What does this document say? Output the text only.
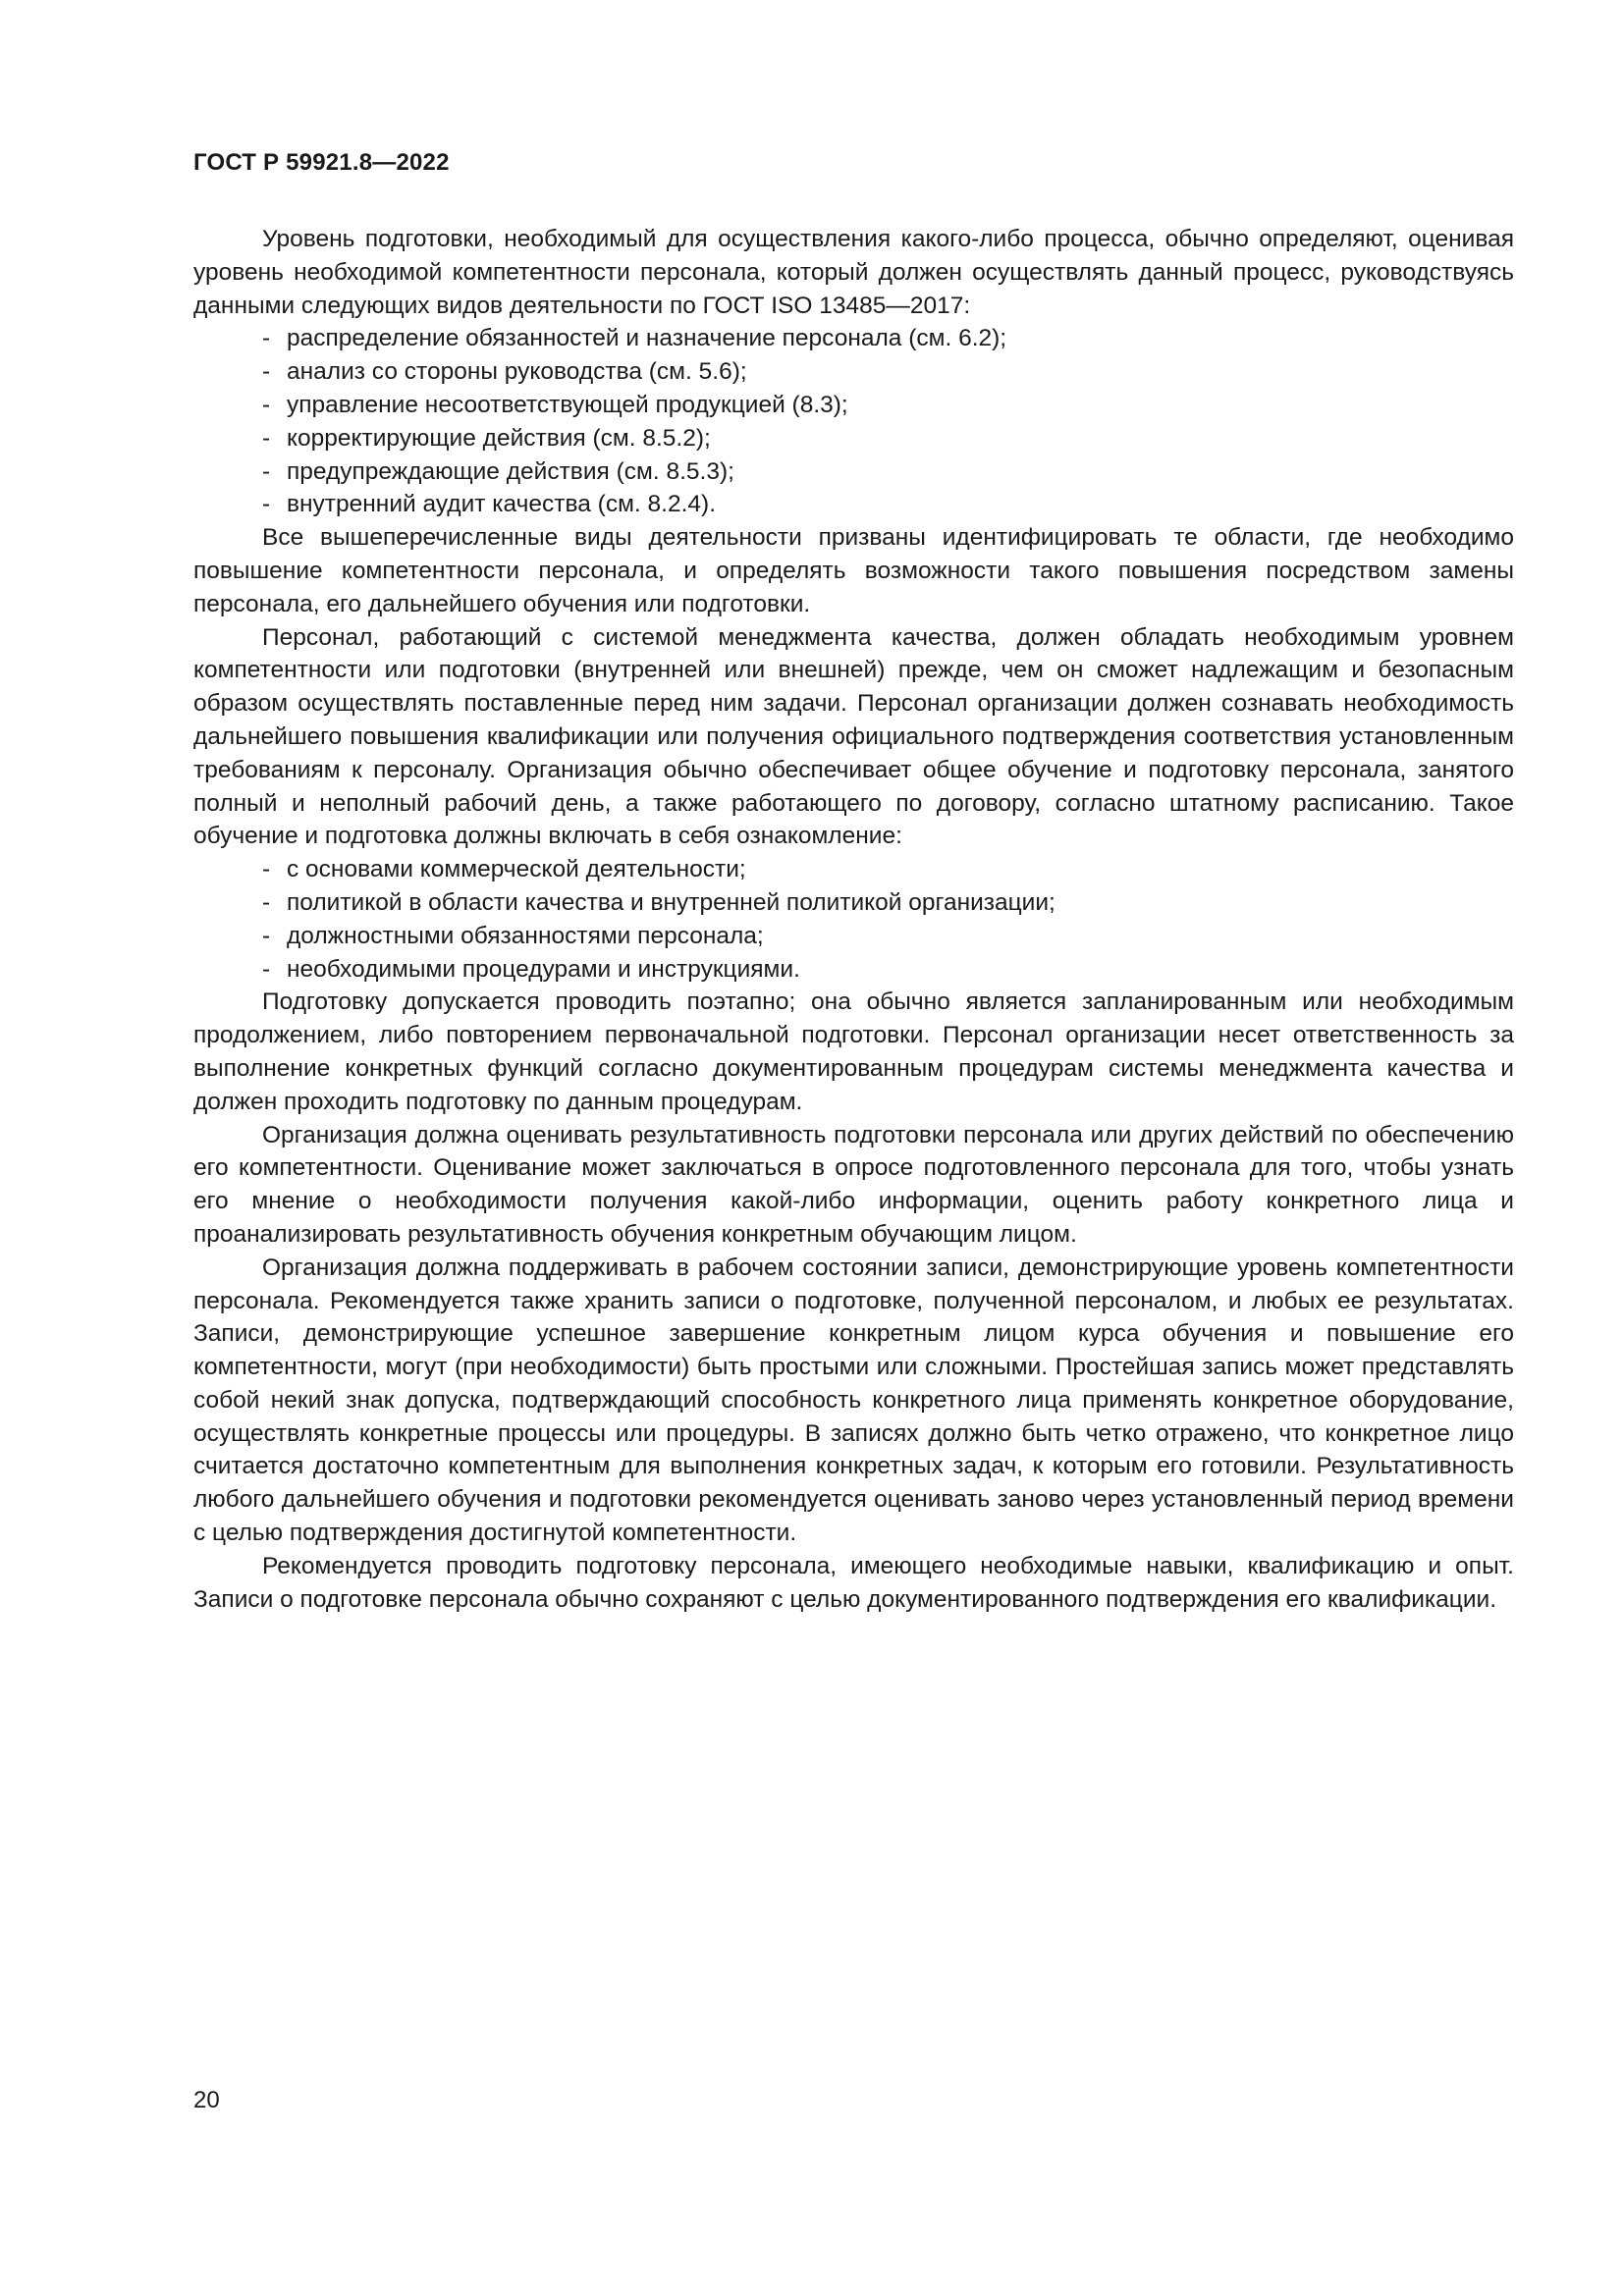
ГОСТ Р 59921.8—2022

Уровень подготовки, необходимый для осуществления какого-либо процесса, обычно определяют, оценивая уровень необходимой компетентности персонала, который должен осуществлять данный процесс, руководствуясь данными следующих видов деятельности по ГОСТ ISO 13485—2017:

- распределение обязанностей и назначение персонала (см. 6.2);
- анализ со стороны руководства (см. 5.6);
- управление несоответствующей продукцией (8.3);
- корректирующие действия (см. 8.5.2);
- предупреждающие действия (см. 8.5.3);
- внутренний аудит качества (см. 8.2.4).

Все вышеперечисленные виды деятельности призваны идентифицировать те области, где необходимо повышение компетентности персонала, и определять возможности такого повышения посредством замены персонала, его дальнейшего обучения или подготовки.

Персонал, работающий с системой менеджмента качества, должен обладать необходимым уровнем компетентности или подготовки (внутренней или внешней) прежде, чем он сможет надлежащим и безопасным образом осуществлять поставленные перед ним задачи. Персонал организации должен сознавать необходимость дальнейшего повышения квалификации или получения официального подтверждения соответствия установленным требованиям к персоналу. Организация обычно обеспечивает общее обучение и подготовку персонала, занятого полный и неполный рабочий день, а также работающего по договору, согласно штатному расписанию. Такое обучение и подготовка должны включать в себя ознакомление:

- с основами коммерческой деятельности;
- политикой в области качества и внутренней политикой организации;
- должностными обязанностями персонала;
- необходимыми процедурами и инструкциями.

Подготовку допускается проводить поэтапно; она обычно является запланированным или необходимым продолжением, либо повторением первоначальной подготовки. Персонал организации несет ответственность за выполнение конкретных функций согласно документированным процедурам системы менеджмента качества и должен проходить подготовку по данным процедурам.

Организация должна оценивать результативность подготовки персонала или других действий по обеспечению его компетентности. Оценивание может заключаться в опросе подготовленного персонала для того, чтобы узнать его мнение о необходимости получения какой-либо информации, оценить работу конкретного лица и проанализировать результативность обучения конкретным обучающим лицом.

Организация должна поддерживать в рабочем состоянии записи, демонстрирующие уровень компетентности персонала. Рекомендуется также хранить записи о подготовке, полученной персоналом, и любых ее результатах. Записи, демонстрирующие успешное завершение конкретным лицом курса обучения и повышение его компетентности, могут (при необходимости) быть простыми или сложными. Простейшая запись может представлять собой некий знак допуска, подтверждающий способность конкретного лица применять конкретное оборудование, осуществлять конкретные процессы или процедуры. В записях должно быть четко отражено, что конкретное лицо считается достаточно компетентным для выполнения конкретных задач, к которым его готовили. Результативность любого дальнейшего обучения и подготовки рекомендуется оценивать заново через установленный период времени с целью подтверждения достигнутой компетентности.

Рекомендуется проводить подготовку персонала, имеющего необходимые навыки, квалификацию и опыт. Записи о подготовке персонала обычно сохраняют с целью документированного подтверждения его квалификации.

20
